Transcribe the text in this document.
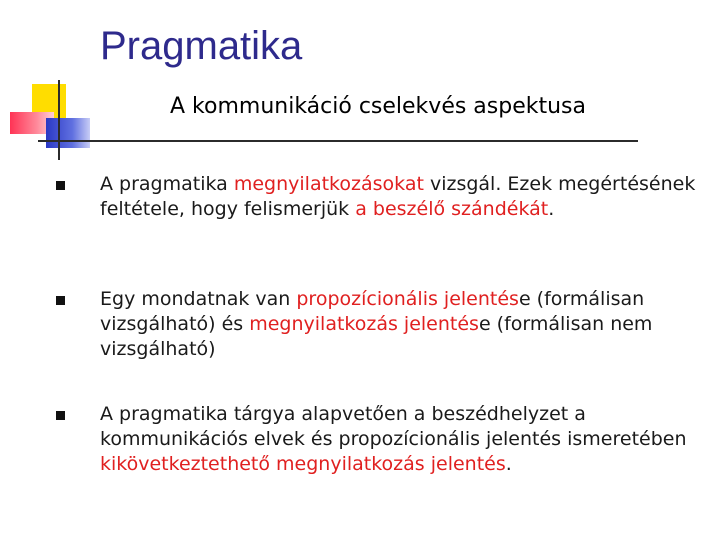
Pragmatika
A kommunikáció cselekvés aspektusa
A pragmatika megnyilatkozásokat vizsgál. Ezek megértésének feltétele, hogy felismerjük a beszélő szándékát.
Egy mondatnak van propozícionális jelentése (formálisan vizsgálható) és megnyilatkozás jelentése (formálisan nem vizsgálható)
A pragmatika tárgya alapvetően a beszédhelyzet a kommunikációs elvek és propozícionális jelentés ismeretében kikövetkeztethető megnyilatkozás jelentés.
